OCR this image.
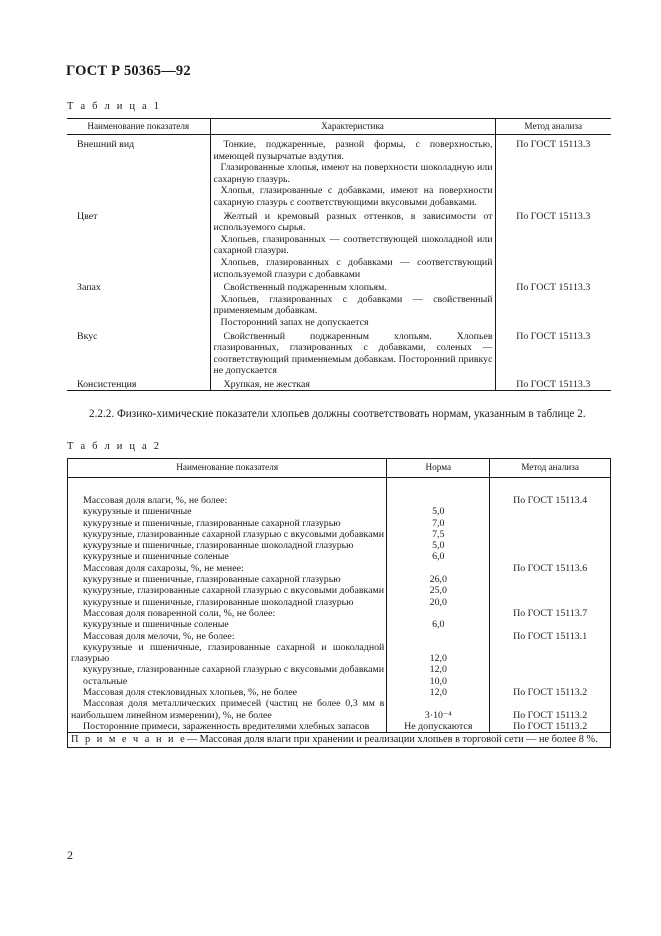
ГОСТ Р 50365—92
Т а б л и ц а 1
Наименование показателя	Характеристика	Метод анализа
Внешний вид	Тонкие, поджаренные, разной формы, с поверхностью, имеющей пузырчатые вздутия.
Глазированные хлопья, имеют на поверхности шоколадную или сахарную глазурь.
Хлопья, глазированные с добавками, имеют на поверхности сахарную глазурь с соответствующими вкусовыми добавками.	По ГОСТ 15113.3
Цвет	Желтый и кремовый разных оттенков, в зависимости от используемого сырья.
Хлопьев, глазированных — соответствующей шоколадной или сахарной глазури.
Хлопьев, глазированных с добавками — соответствующий используемой глазури с добавками	По ГОСТ 15113.3
Запах	Свойственный поджаренным хлопьям.
Хлопьев, глазированных с добавками — свойственный применяемым добавкам.
Посторонний запах не допускается	По ГОСТ 15113.3
Вкус	Свойственный поджаренным хлопьям. Хлопьев глазированных, глазированных с добавками, соленых — соответствующий применяемым добавкам. Посторонний привкус не допускается	По ГОСТ 15113.3
Консистенция	Хрупкая, не жесткая	По ГОСТ 15113.3
2.2.2. Физико-химические показатели хлопьев должны соответствовать нормам, указанным в таблице 2.
Т а б л и ц а 2
Наименование показателя	Норма	Метод анализа

Массовая доля влаги, %, не более:		По ГОСТ 15113.4

кукурузные и пшеничные	5,0	

кукурузные и пшеничные, глазированные сахарной глазурью	7,0	

кукурузные, глазированные сахарной глазурью с вкусовыми добавками	7,5	

кукурузные и пшеничные, глазированные шоколадной глазурью	5,0	

кукурузные и пшеничные соленые	6,0	

Массовая доля сахарозы, %, не менее:		По ГОСТ 15113.6

кукурузные и пшеничные, глазированные сахарной глазурью	26,0	

кукурузные, глазированные сахарной глазурью с вкусовыми добавками	25,0	

кукурузные и пшеничные, глазированные шоколадной глазурью	20,0	

Массовая доля поваренной соли, %, не более:		По ГОСТ 15113.7

кукурузные и пшеничные соленые	6,0	

Массовая доля мелочи, %, не более:		По ГОСТ 15113.1

кукурузные и пшеничные, глазированные сахарной и шоколадной глазурью	12,0	

кукурузные, глазированные сахарной глазурью с вкусовыми добавками	12,0	

остальные	10,0	

Массовая доля стекловидных хлопьев, %, не более	12,0	По ГОСТ 15113.2

Массовая доля металлических примесей (частиц не более 0,3 мм в наибольшем линейном измерении), %, не более	3·10⁻⁴	По ГОСТ 15113.2

Посторонние примеси, зараженность вредителями хлебных запасов	Не допускаются	По ГОСТ 15113.2
П р и м е ч а н и е— Массовая доля влаги при хранении и реализации хлопьев в торговой сети — не более 8 %.		
2
